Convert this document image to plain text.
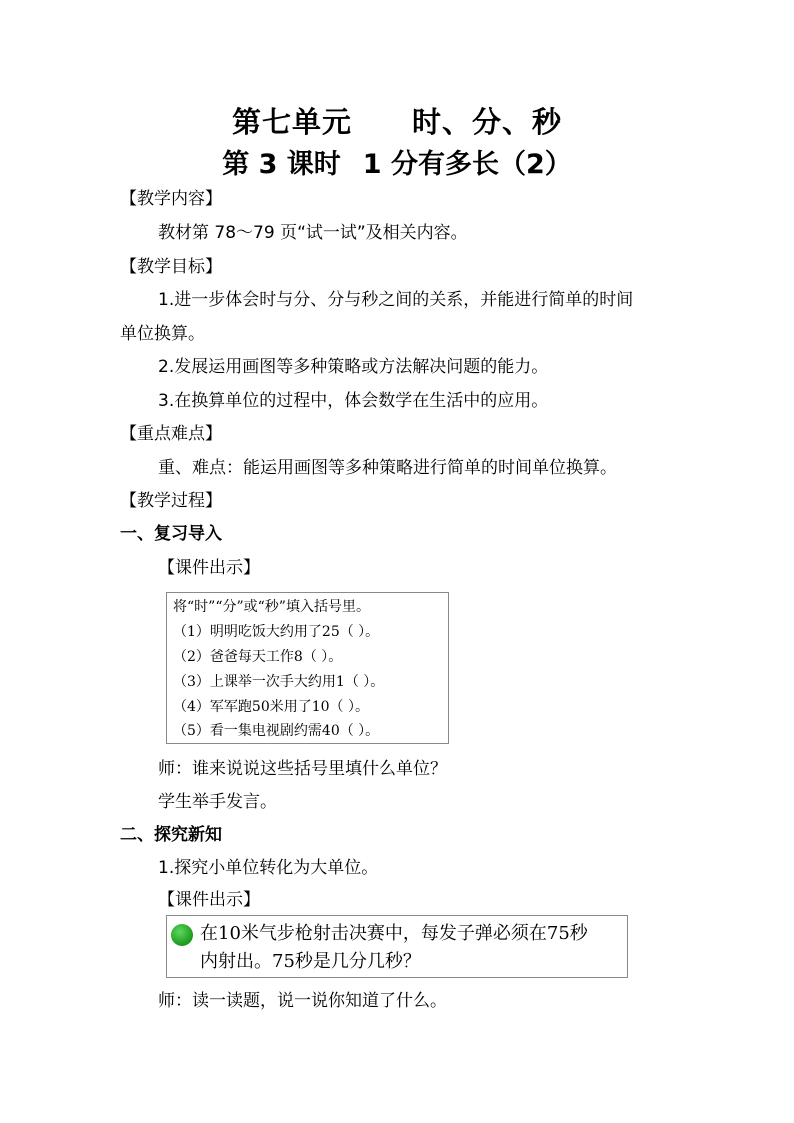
第七单元 时、分、秒
第 3 课时 1 分有多长（2）
【教学内容】
教材第 78～79 页“试一试”及相关内容。
【教学目标】
1.进一步体会时与分、分与秒之间的关系，并能进行简单的时间
单位换算。
2.发展运用画图等多种策略或方法解决问题的能力。
3.在换算单位的过程中，体会数学在生活中的应用。
【重点难点】
重、难点：能运用画图等多种策略进行简单的时间单位换算。
【教学过程】
一、复习导入
【课件出示】
将“时”“分”或“秒”填入括号里。
（1）明明吃饭大约用了25（ ）。
（2）爸爸每天工作8（ ）。
（3）上课举一次手大约用1（ ）。
（4）军军跑50米用了10（ ）。
（5）看一集电视剧约需40（ ）。
师：谁来说说这些括号里填什么单位？
学生举手发言。
二、探究新知
1.探究小单位转化为大单位。
【课件出示】
在10米气步枪射击决赛中，每发子弹必须在75秒
内射出。75秒是几分几秒？
师：读一读题，说一说你知道了什么。
